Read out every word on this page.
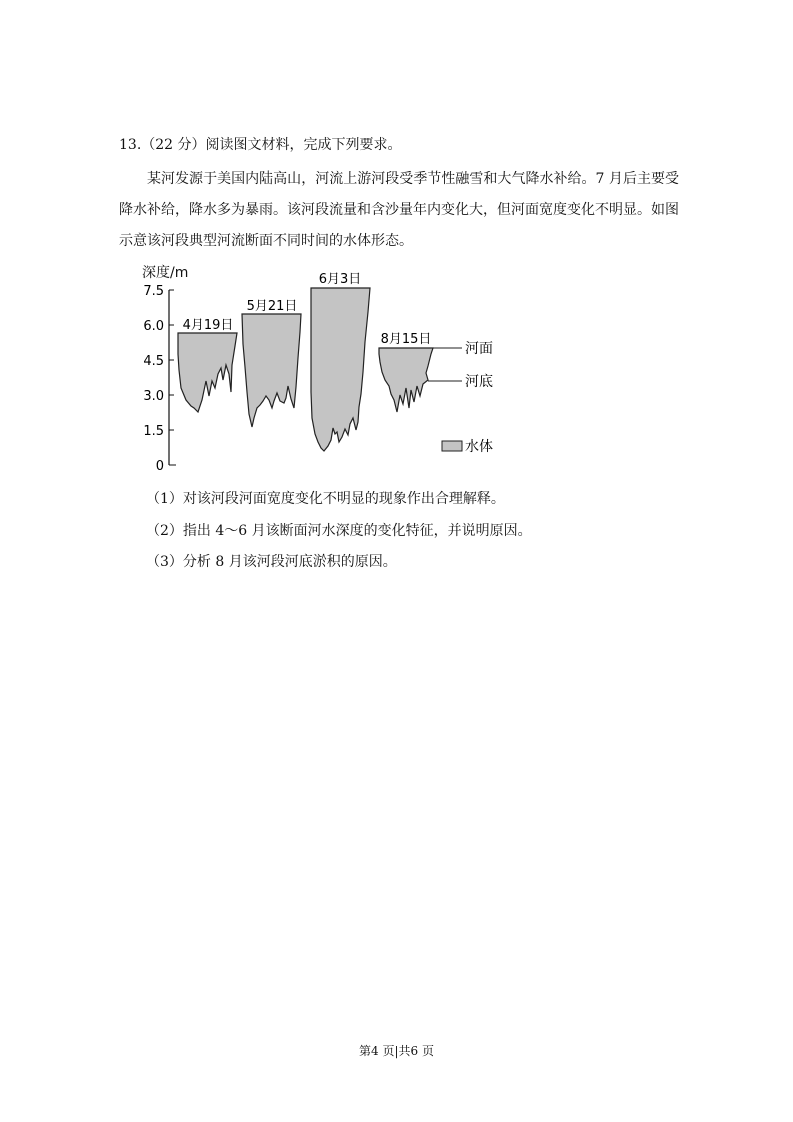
13.（22 分）阅读图文材料，完成下列要求。

某河发源于美国内陆高山，河流上游河段受季节性融雪和大气降水补给。7 月后主要受降水补给，降水多为暴雨。该河段流量和含沙量年内变化大，但河面宽度变化不明显。如图示意该河段典型河流断面不同时间的水体形态。

深度/m
7.5
6.0
4.5
3.0
1.5
0
4月19日
5月21日
6月3日
8月15日
河面
河底
水体
（1）对该河段河面宽度变化不明显的现象作出合理解释。
（2）指出 4～6 月该断面河水深度的变化特征，并说明原因。
（3）分析 8 月该河段河底淤积的原因。
第4 页|共6 页
